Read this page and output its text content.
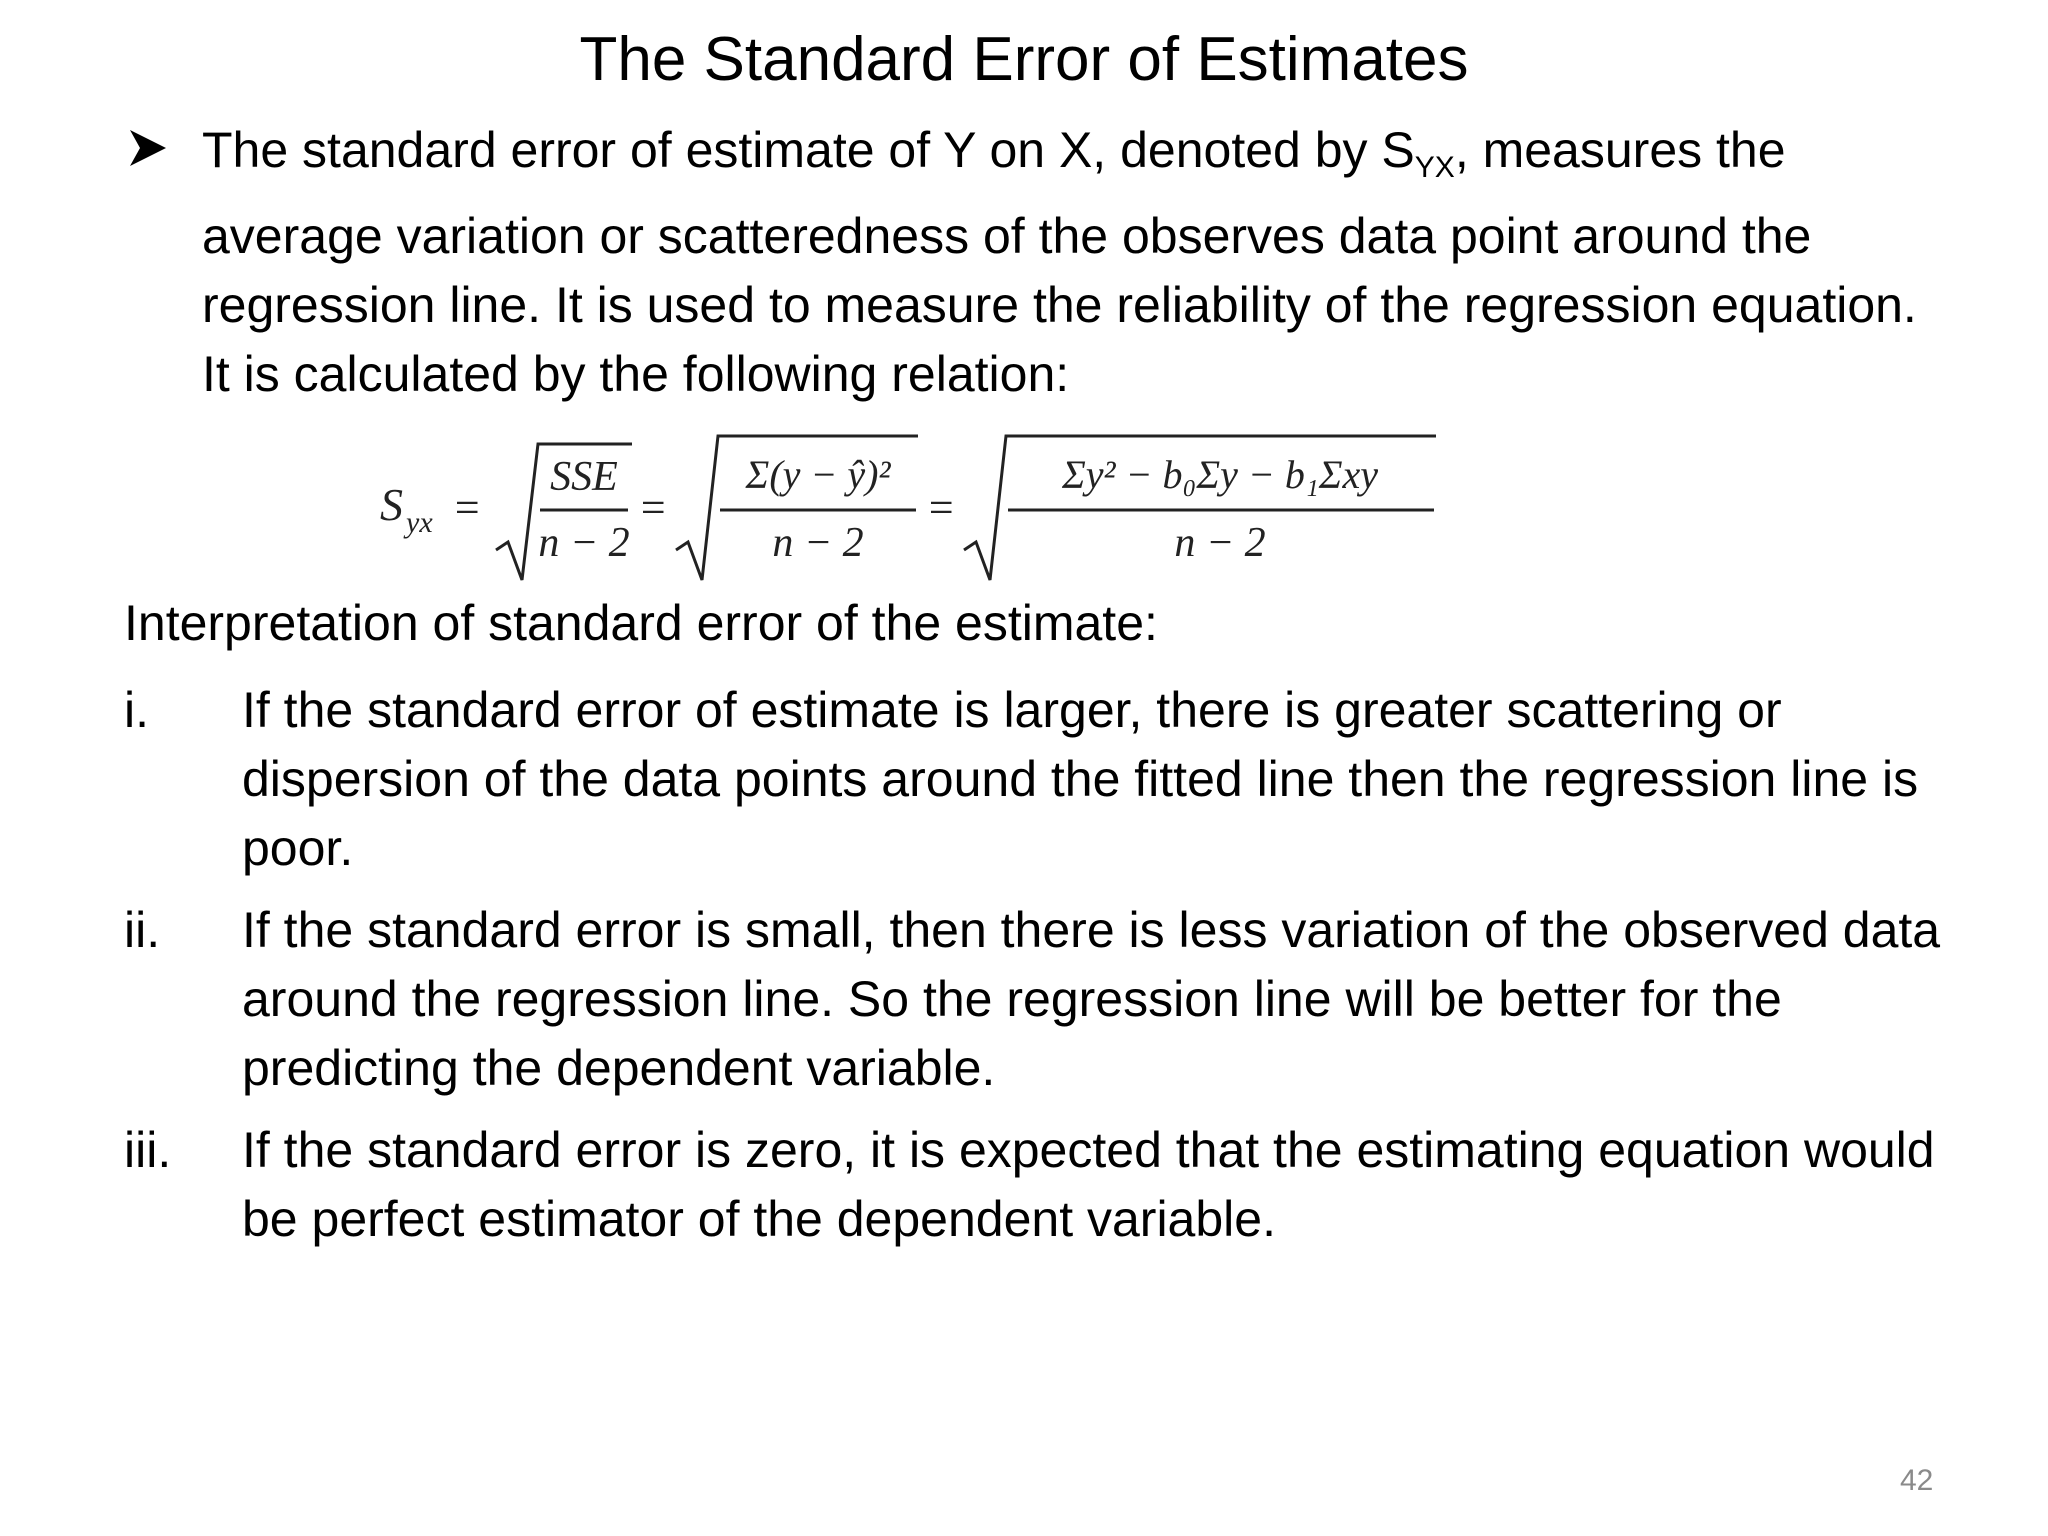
The Standard Error of Estimates
The standard error of estimate of Y on X, denoted by $S_{YX}$, measures the average variation or scatteredness of the observes data point around the regression line. It is used to measure the reliability of the regression equation. It is calculated by the following relation:
S yx =
SSE
n − 2
=
Σ(y − ŷ)²
n − 2
=
Σy² − b₀Σy − b₁Σxy
n − 2
Interpretation of standard error of the estimate:
i. If the standard error of estimate is larger, there is greater scattering or dispersion of the data points around the fitted line then the regression line is poor.
ii. If the standard error is small, then there is less variation of the observed data around the regression line. So the regression line will be better for the predicting the dependent variable.
iii. If the standard error is zero, it is expected that the estimating equation would be perfect estimator of the dependent variable.
42
